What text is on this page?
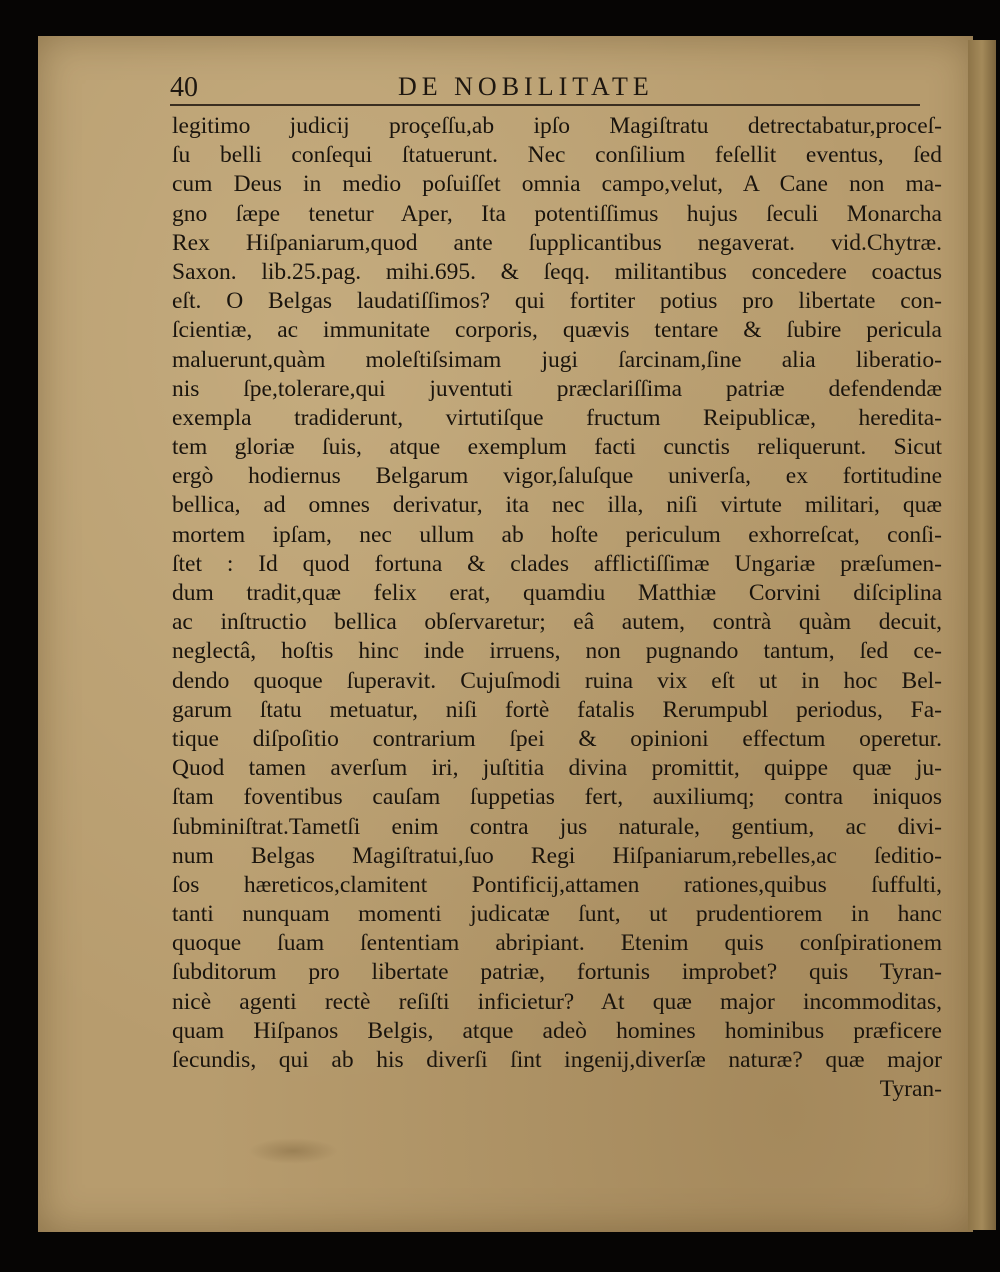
40	DE NOBILITATE
legitimo judicij proçeſſu,ab ipſo Magiſtratu detrectabatur,proceſ-
ſu belli conſequi ſtatuerunt. Nec conſilium feſellit eventus, ſed
cum Deus in medio poſuiſſet omnia campo,velut, A Cane non ma-
gno ſæpe tenetur Aper, Ita potentiſſimus hujus ſeculi Monarcha
Rex Hiſpaniarum,quod ante ſupplicantibus negaverat. vid.Chytræ.
Saxon. lib.25.pag. mihi.695. & ſeqq. militantibus concedere coactus
eſt. O Belgas laudatiſſimos? qui fortiter potius pro libertate con-
ſcientiæ, ac immunitate corporis, quævis tentare & ſubire pericula
maluerunt,quàm moleſtiſsimam jugi ſarcinam,ſine alia liberatio-
nis ſpe,tolerare,qui juventuti præclariſſima patriæ defendendæ
exempla tradiderunt, virtutiſque fructum Reipublicæ, heredita-
tem gloriæ ſuis, atque exemplum facti cunctis reliquerunt. Sicut
ergò hodiernus Belgarum vigor,ſaluſque univerſa, ex fortitudine
bellica, ad omnes derivatur, ita nec illa, niſi virtute militari, quæ
mortem ipſam, nec ullum ab hoſte periculum exhorreſcat, conſi-
ſtet : Id quod fortuna & clades afflictiſſimæ Ungariæ præſumen-
dum tradit,quæ felix erat, quamdiu Matthiæ Corvini diſciplina
ac inſtructio bellica obſervaretur; eâ autem, contrà quàm decuit,
neglectâ, hoſtis hinc inde irruens, non pugnando tantum, ſed ce-
dendo quoque ſuperavit. Cujuſmodi ruina vix eſt ut in hoc Bel-
garum ſtatu metuatur, niſi fortè fatalis Rerumpubl periodus, Fa-
tique diſpoſitio contrarium ſpei & opinioni effectum operetur.
Quod tamen averſum iri, juſtitia divina promittit, quippe quæ ju-
ſtam foventibus cauſam ſuppetias fert, auxiliumq; contra iniquos
ſubminiſtrat.Tametſi enim contra jus naturale, gentium, ac divi-
num Belgas Magiſtratui,ſuo Regi Hiſpaniarum,rebelles,ac ſeditio-
ſos hæreticos,clamitent Pontificij,attamen rationes,quibus ſuffulti,
tanti nunquam momenti judicatæ ſunt, ut prudentiorem in hanc
quoque ſuam ſententiam abripiant. Etenim quis conſpirationem
ſubditorum pro libertate patriæ, fortunis improbet? quis Tyran-
nicè agenti rectè reſiſti inficietur? At quæ major incommoditas,
quam Hiſpanos Belgis, atque adeò homines hominibus præficere
ſecundis, qui ab his diverſi ſint ingenij,diverſæ naturæ? quæ major
Tyran-
